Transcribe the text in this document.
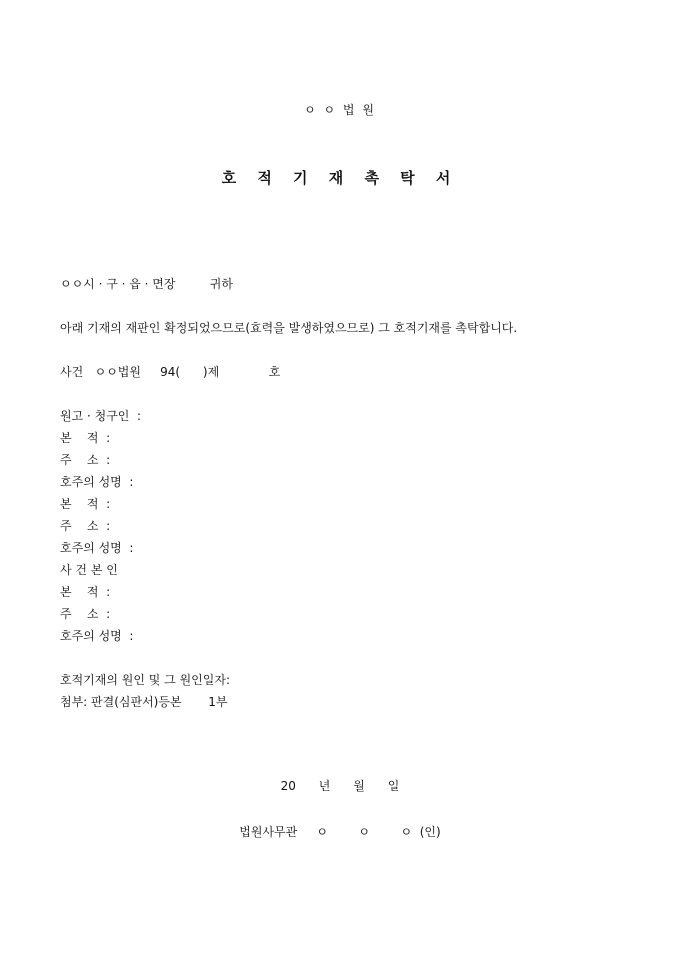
ㅇ ㅇ 법 원
호 적 기 재 촉 탁 서
ㅇㅇ시 · 구 · 읍 · 면장         귀하
아래 기재의 재판인 확정되었으므로(효력을 발생하였으므로) 그 호적기재를 촉탁합니다.
사건   ㅇㅇ법원     94(      )제             호
원고 · 청구인  :
본    적  :
주    소  :
호주의 성명  :
본    적  :
주    소  :
호주의 성명  :
사 건 본 인
본    적  :
주    소  :
호주의 성명  :
호적기재의 원인 및 그 원인일자:
첨부: 판결(심판서)등본       1부
20      년      월      일
법원사무관     ㅇ        ㅇ        ㅇ  (인)
